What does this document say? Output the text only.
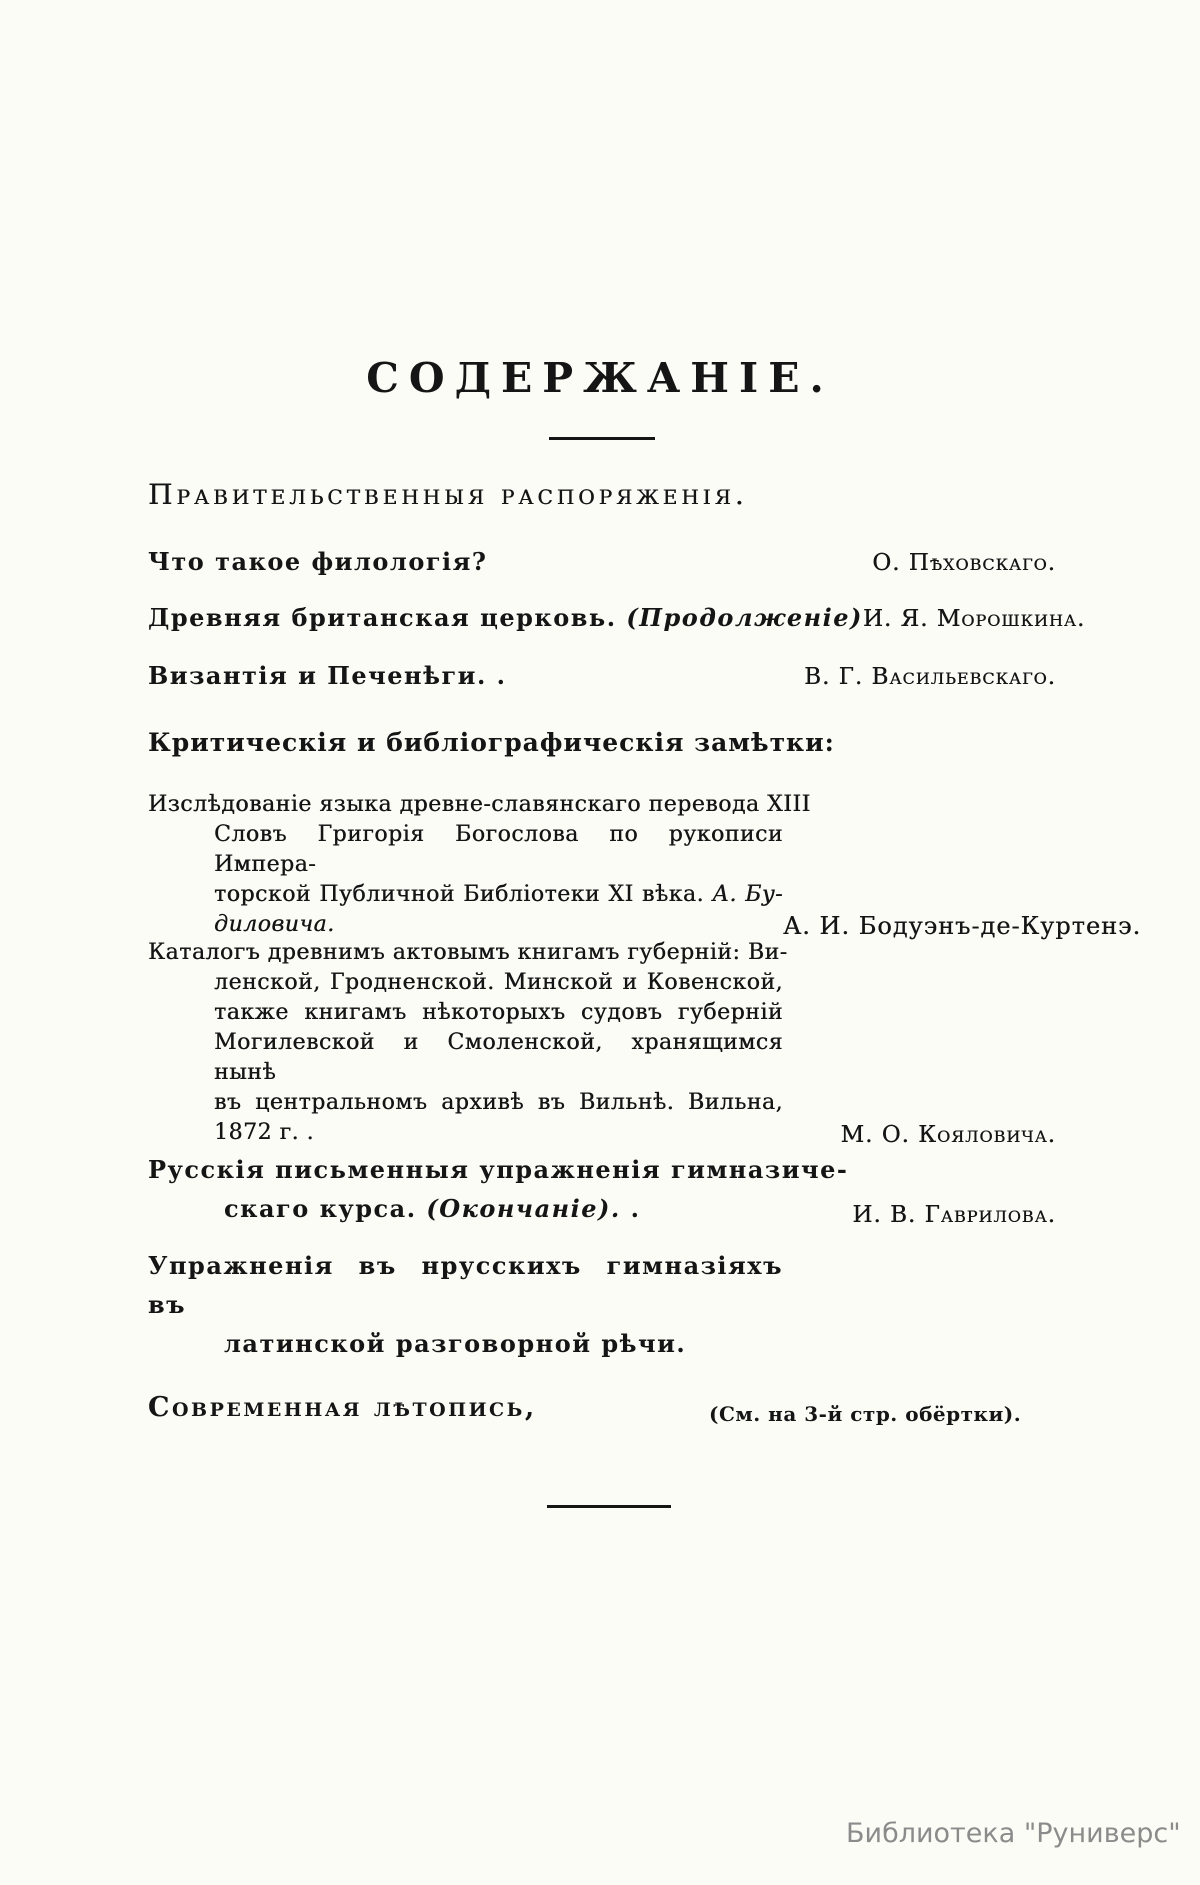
СОДЕРЖАНІЕ.
Правительственныя распоряженія.
Что такое филологія?	О. Пѣховскаго.
Древняя британская церковь. (Продолженіе) И. Я. Морошкина.
Византія и Печенѣги. .	В. Г. Васильевскаго.
Критическія и библіографическія замѣтки:
Изслѣдованіе языка древне-славянскаго перевода XIII
Словъ Григорія Богослова по рукописи Импера-
торской Публичной Библіотеки XI вѣка. А. Бу-
диловича.	А. И. Бодуэнъ-де-Куртенэ.
Каталогъ древнимъ актовымъ книгамъ губерній: Ви-
ленской, Гродненской. Минской и Ковенской,
также книгамъ нѣкоторыхъ судовъ губерній
Могилевской и Смоленской, хранящимся нынѣ
въ центральномъ архивѣ въ Вильнѣ. Вильна,
1872 г. .	М. О. Кояловича.
Русскія письменныя упражненія гимназиче-
скаго курса. (Окончаніе). .	И. В. Гаврилова.
Упражненія въ нрусскихъ гимназіяхъ въ
латинской разговорной рѣчи.
Современная лѣтопись,	(См. на 3-й стр. обёртки).
Библиотека "Руниверс"
